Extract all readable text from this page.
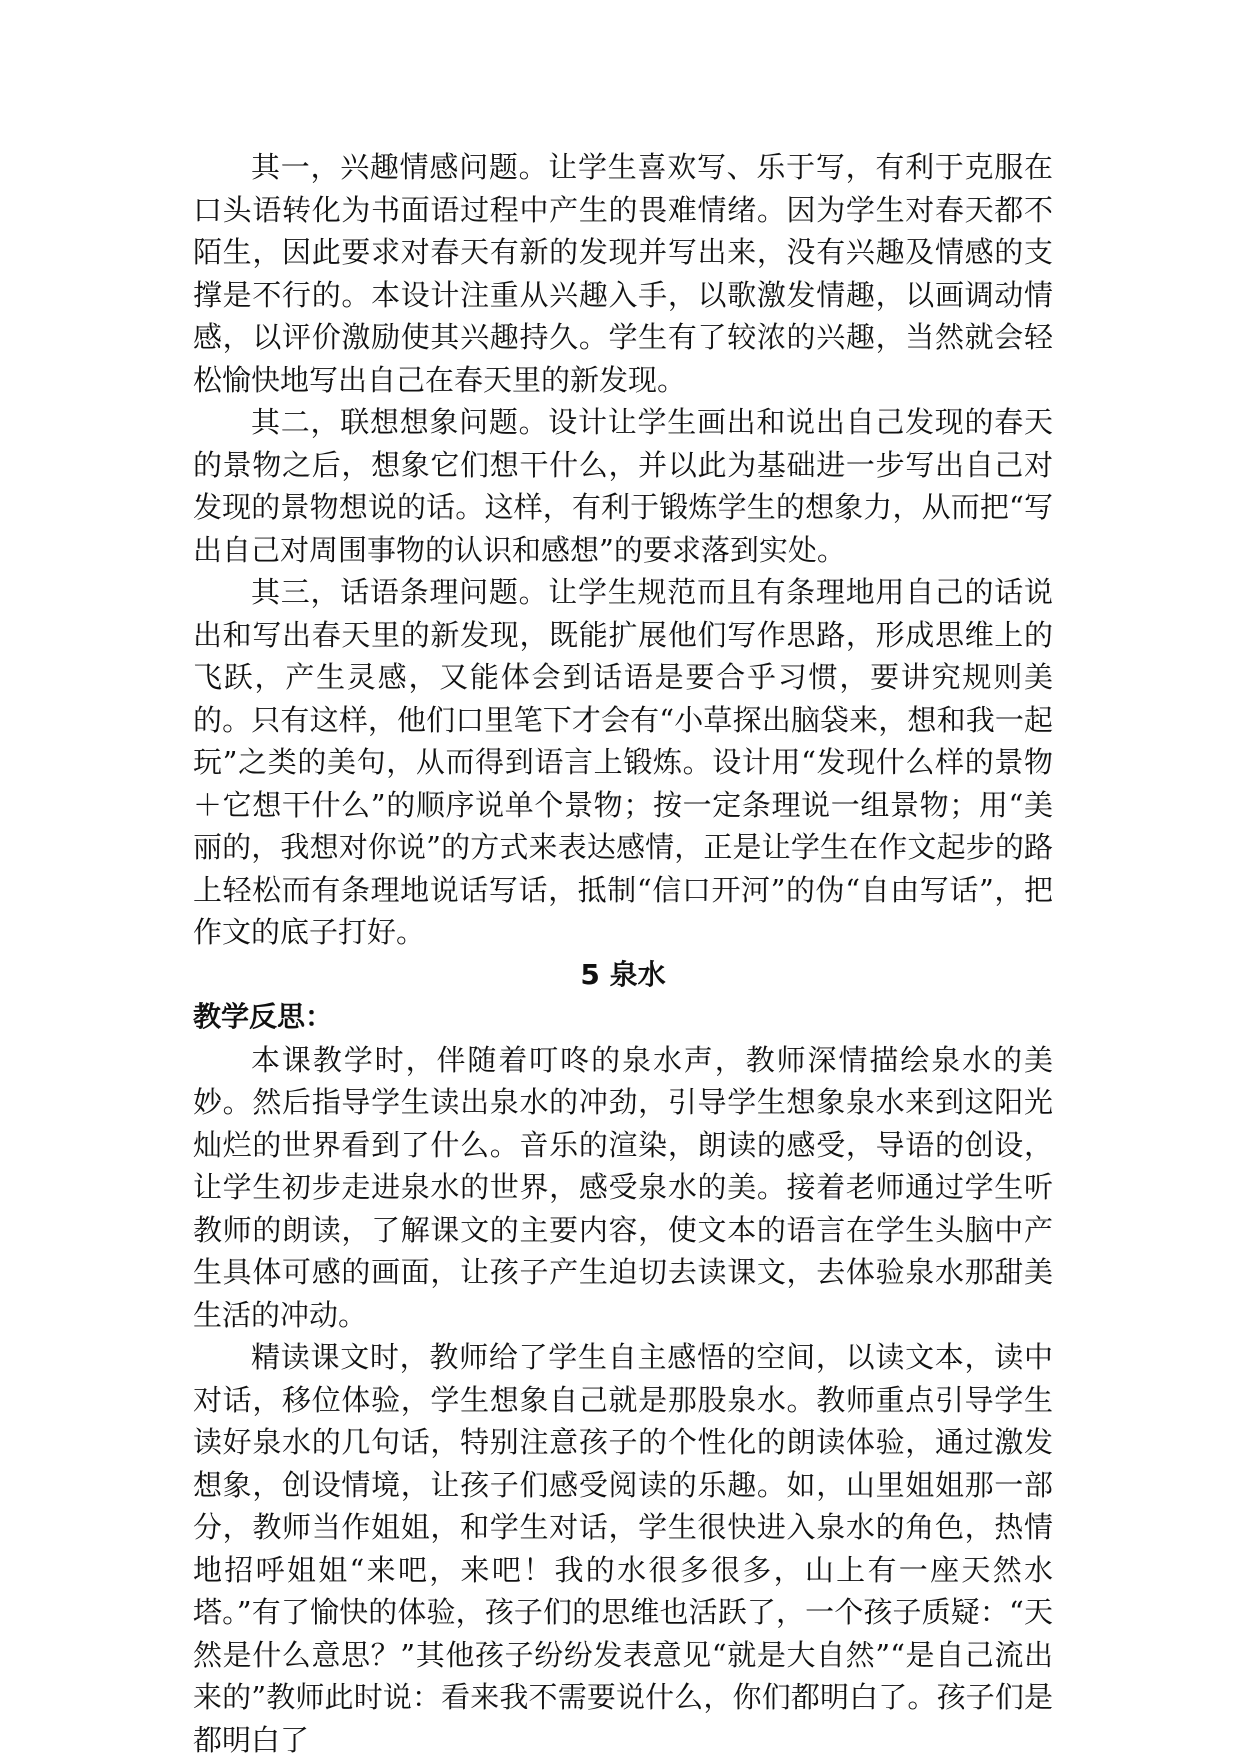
其一，兴趣情感问题。让学生喜欢写、乐于写，有利于克服在口头语转化为书面语过程中产生的畏难情绪。因为学生对春天都不陌生，因此要求对春天有新的发现并写出来，没有兴趣及情感的支撑是不行的。本设计注重从兴趣入手，以歌激发情趣，以画调动情感，以评价激励使其兴趣持久。学生有了较浓的兴趣，当然就会轻松愉快地写出自己在春天里的新发现。

其二，联想想象问题。设计让学生画出和说出自己发现的春天的景物之后，想象它们想干什么，并以此为基础进一步写出自己对发现的景物想说的话。这样，有利于锻炼学生的想象力，从而把“写出自己对周围事物的认识和感想”的要求落到实处。

其三，话语条理问题。让学生规范而且有条理地用自己的话说出和写出春天里的新发现，既能扩展他们写作思路，形成思维上的飞跃，产生灵感，又能体会到话语是要合乎习惯，要讲究规则美的。只有这样，他们口里笔下才会有“小草探出脑袋来，想和我一起玩”之类的美句，从而得到语言上锻炼。设计用“发现什么样的景物＋它想干什么”的顺序说单个景物；按一定条理说一组景物；用“美丽的，我想对你说”的方式来表达感情，正是让学生在作文起步的路上轻松而有条理地说话写话，抵制“信口开河”的伪“自由写话”，把作文的底子打好。

5 泉水

教学反思：

本课教学时，伴随着叮咚的泉水声，教师深情描绘泉水的美妙。然后指导学生读出泉水的冲劲，引导学生想象泉水来到这阳光灿烂的世界看到了什么。音乐的渲染，朗读的感受，导语的创设，让学生初步走进泉水的世界，感受泉水的美。接着老师通过学生听教师的朗读，了解课文的主要内容，使文本的语言在学生头脑中产生具体可感的画面，让孩子产生迫切去读课文，去体验泉水那甜美生活的冲动。

精读课文时，教师给了学生自主感悟的空间，以读文本，读中对话，移位体验，学生想象自己就是那股泉水。教师重点引导学生读好泉水的几句话，特别注意孩子的个性化的朗读体验，通过激发想象，创设情境，让孩子们感受阅读的乐趣。如，山里姐姐那一部分，教师当作姐姐，和学生对话，学生很快进入泉水的角色，热情地招呼姐姐“来吧，来吧！我的水很多很多，山上有一座天然水塔。”有了愉快的体验，孩子们的思维也活跃了，一个孩子质疑：“天然是什么意思？”其他孩子纷纷发表意见“就是大自然”“是自己流出来的”教师此时说：看来我不需要说什么，你们都明白了。孩子们是都明白了
